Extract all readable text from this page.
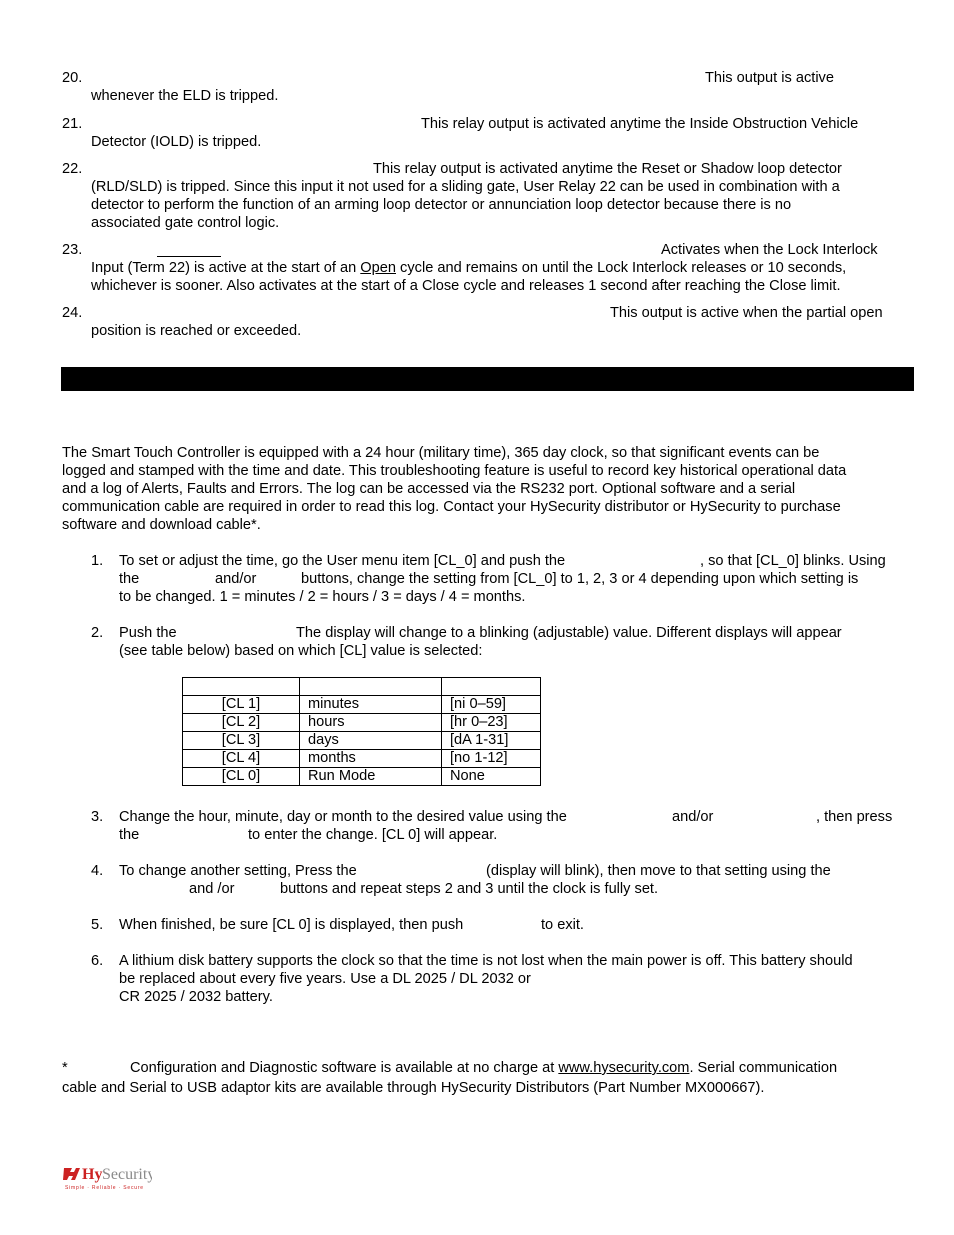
20.	This output is active
whenever the ELD is tripped.
21.	This relay output is activated anytime the Inside Obstruction Vehicle
Detector (IOLD) is tripped.
22.	This relay output is activated anytime the Reset or Shadow loop detector
(RLD/SLD) is tripped. Since this input it not used for a sliding gate, User Relay 22 can be used in combination with a
detector to perform the function of an arming loop detector or annunciation loop detector because there is no
associated gate control logic.
23.	Activates when the Lock Interlock
Input (Term 22) is active at the start of an Open cycle and remains on until the Lock Interlock releases or 10 seconds,
whichever is sooner. Also activates at the start of a Close cycle and releases 1 second after reaching the Close limit.
24.	This output is active when the partial open
position is reached or exceeded.
The Smart Touch Controller is equipped with a 24 hour (military time), 365 day clock, so that significant events can be
logged and stamped with the time and date. This troubleshooting feature is useful to record key historical operational data
and a log of Alerts, Faults and Errors. The log can be accessed via the RS232 port. Optional software and a serial
communication cable are required in order to read this log. Contact your HySecurity distributor or HySecurity to purchase
software and download cable*.
1. To set or adjust the time, go the User menu item [CL_0] and push the	, so that [CL_0] blinks. Using
the	and/or	buttons, change the setting from [CL_0] to 1, 2, 3 or 4 depending upon which setting is
to be changed. 1 = minutes / 2 = hours / 3 = days / 4 = months.
2. Push the	The display will change to a blinking (adjustable) value. Different displays will appear
(see table below) based on which [CL] value is selected:

[CL 1]	minutes	[ni 0–59]
[CL 2]	hours	[hr 0–23]
[CL 3]	days	[dA 1-31]
[CL 4]	months	[no 1-12]
[CL 0]	Run Mode	None
3. Change the hour, minute, day or month to the desired value using the	and/or	, then press
the	to enter the change. [CL 0] will appear.
4. To change another setting, Press the	(display will blink), then move to that setting using the
and /or	buttons and repeat steps 2 and 3 until the clock is fully set.
5. When finished, be sure [CL 0] is displayed, then push	to exit.
6. A lithium disk battery supports the clock so that the time is not lost when the main power is off. This battery should
be replaced about every five years. Use a DL 2025 / DL 2032 or
CR 2025 / 2032 battery.
*	Configuration and Diagnostic software is available at no charge at www.hysecurity.com. Serial communication
cable and Serial to USB adaptor kits are available through HySecurity Distributors (Part Number MX000667).
Hy Security
Simple · Reliable · Secure
